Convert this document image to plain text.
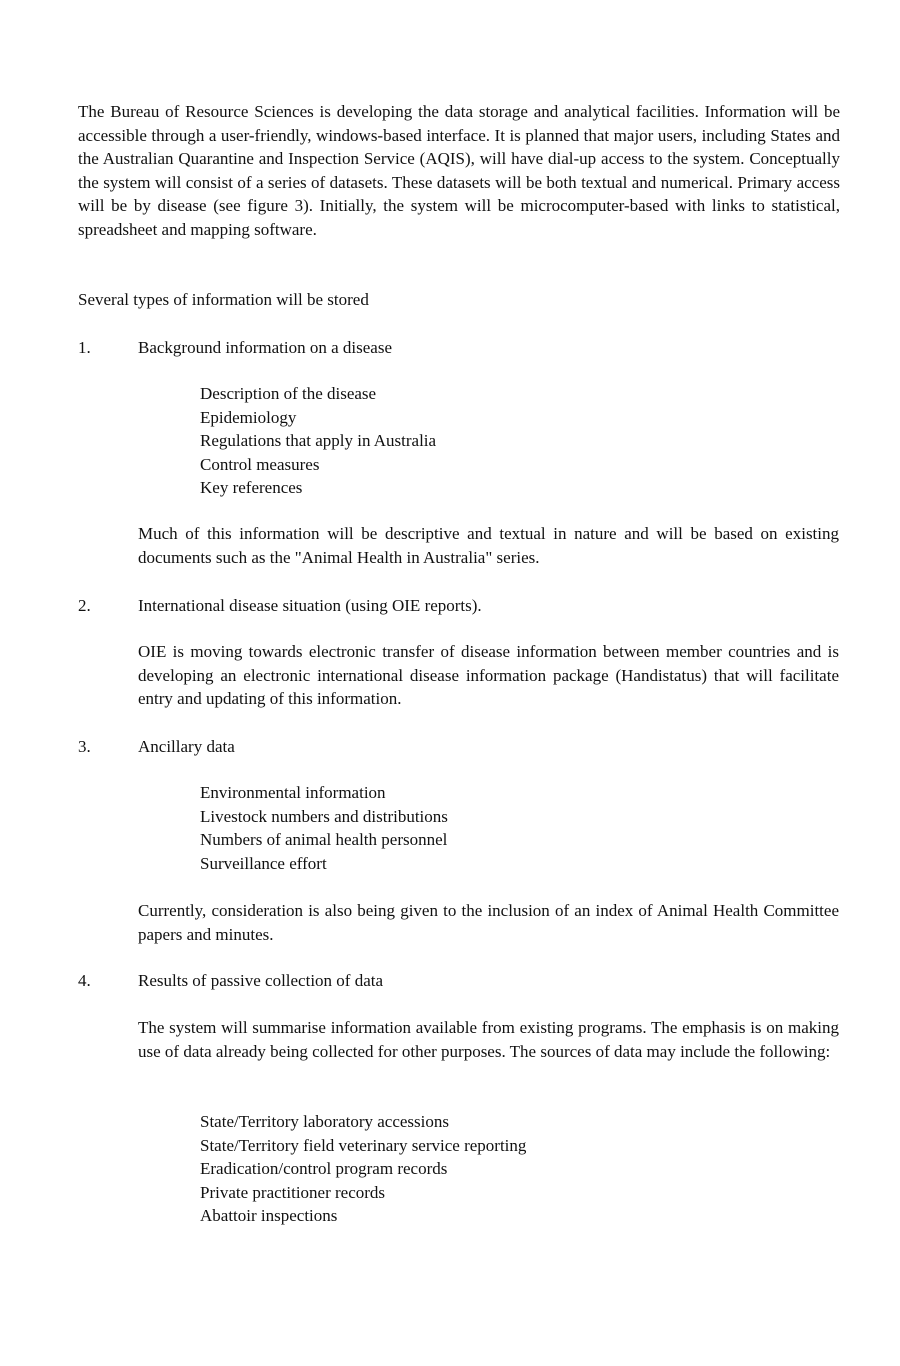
The Bureau of Resource Sciences is developing the data storage and analytical facilities. Information will be accessible through a user-friendly, windows-based interface. It is planned that major users, including States and the Australian Quarantine and Inspection Service (AQIS), will have dial-up access to the system. Conceptually the system will consist of a series of datasets. These datasets will be both textual and numerical. Primary access will be by disease (see figure 3). Initially, the system will be microcomputer-based with links to statistical, spreadsheet and mapping software.

Several types of information will be stored

1.	Background information on a disease
Description of the disease
Epidemiology
Regulations that apply in Australia
Control measures
Key references

Much of this information will be descriptive and textual in nature and will be based on existing documents such as the "Animal Health in Australia" series.

2.	International disease situation (using OIE reports).

OIE is moving towards electronic transfer of disease information between member countries and is developing an electronic international disease information package (Handistatus) that will facilitate entry and updating of this information.

3.	Ancillary data
Environmental information
Livestock numbers and distributions
Numbers of animal health personnel
Surveillance effort

Currently, consideration is also being given to the inclusion of an index of Animal Health Committee papers and minutes.

4.	Results of passive collection of data

The system will summarise information available from existing programs. The emphasis is on making use of data already being collected for other purposes. The sources of data may include the following:

State/Territory laboratory accessions
State/Territory field veterinary service reporting
Eradication/control program records
Private practitioner records
Abattoir inspections
